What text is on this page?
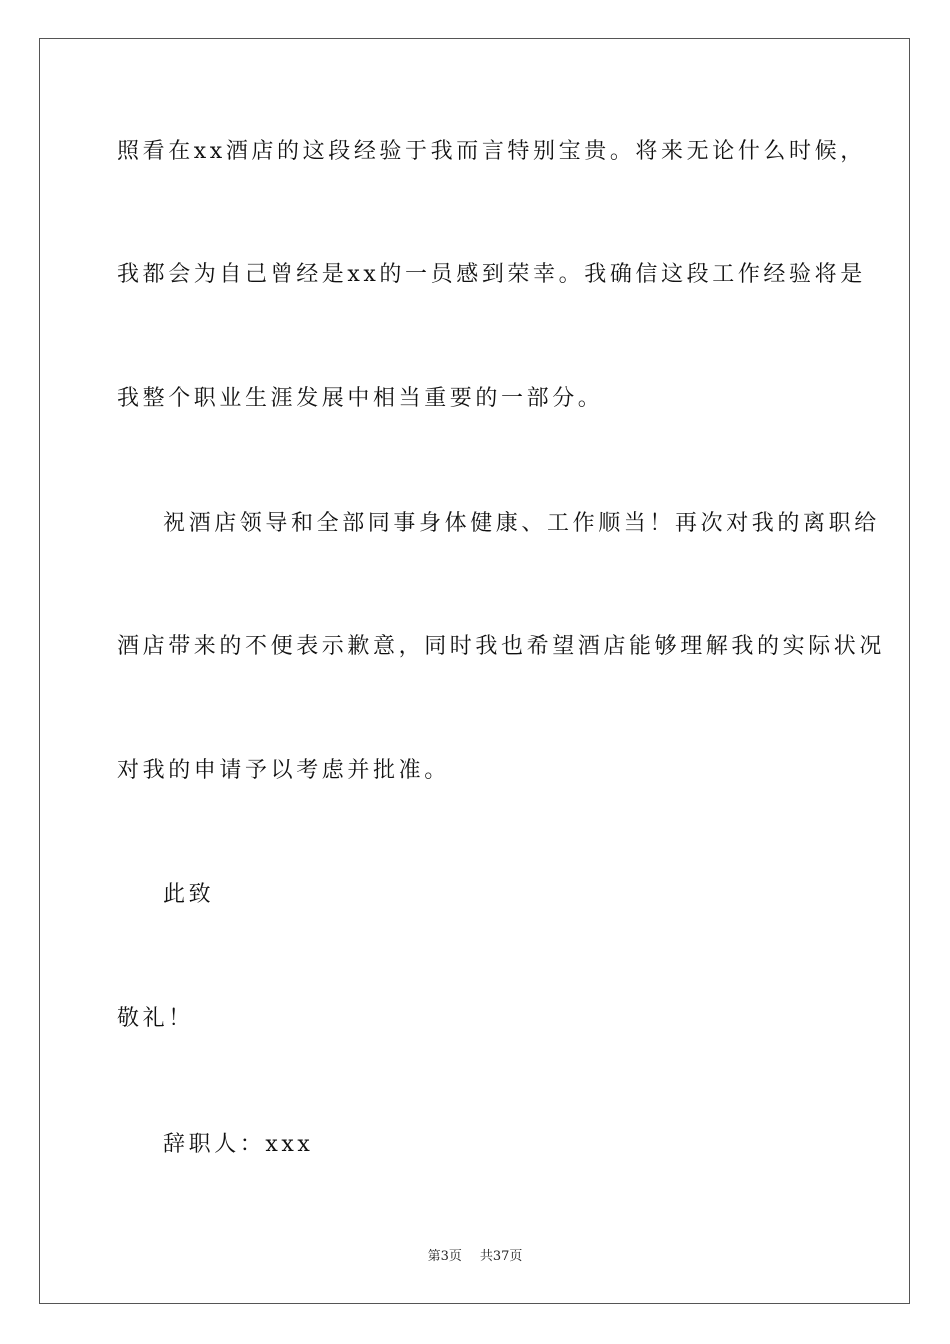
照看在xx酒店的这段经验于我而言特别宝贵。将来无论什么时候，
我都会为自己曾经是xx的一员感到荣幸。我确信这段工作经验将是
我整个职业生涯发展中相当重要的一部分。
祝酒店领导和全部同事身体健康、工作顺当！再次对我的离职给
酒店带来的不便表示歉意，同时我也希望酒店能够理解我的实际状况
对我的申请予以考虑并批准。
此致
敬礼！
辞职人：xxx
第3页 共37页
